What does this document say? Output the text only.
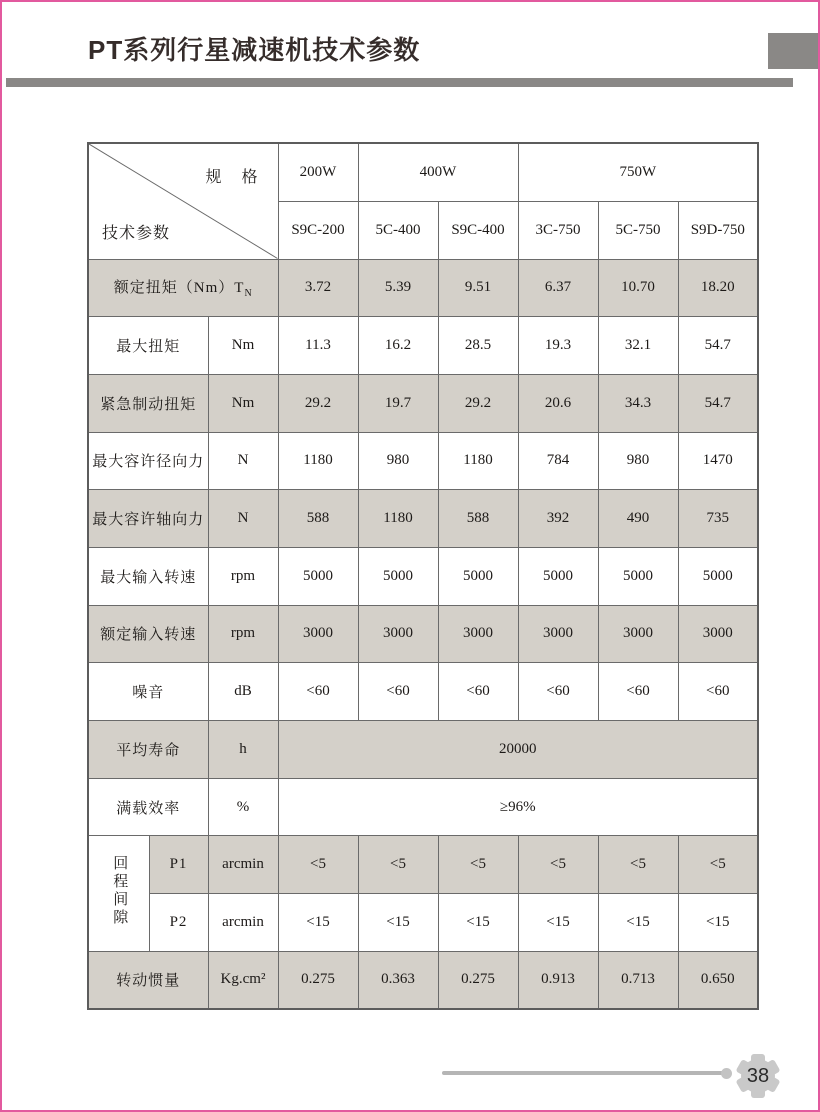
PT系列行星减速机技术参数
规　格
技术参数			200W	400W		750W		
			S9C-200	5C-400	S9C-400	3C-750	5C-750	S9D-750
额定扭矩$(Nm)T_N$			3.72	5.39	9.51	6.37	10.70	18.20
最大扭矩		Nm	11.3	16.2	28.5	19.3	32.1	54.7
紧急制动扭矩		Nm	29.2	19.7	29.2	20.6	34.3	54.7
最大容许径向力		N	1180	980	1180	784	980	1470
最大容许轴向力		N	588	1180	588	392	490	735
最大输入转速		rpm	5000	5000	5000	5000	5000	5000
额定输入转速		rpm	3000	3000	3000	3000	3000	3000
噪音		dB	<60	<60	<60	<60	<60	<60
平均寿命		h	20000					
满载效率		%	≥96%					
回程间隙	P1	arcmin	<5	<5	<5	<5	<5	<5
	P2	arcmin	<15	<15	<15	<15	<15	<15
转动惯量		Kg.cm²	0.275	0.363	0.275	0.913	0.713	0.650
38
